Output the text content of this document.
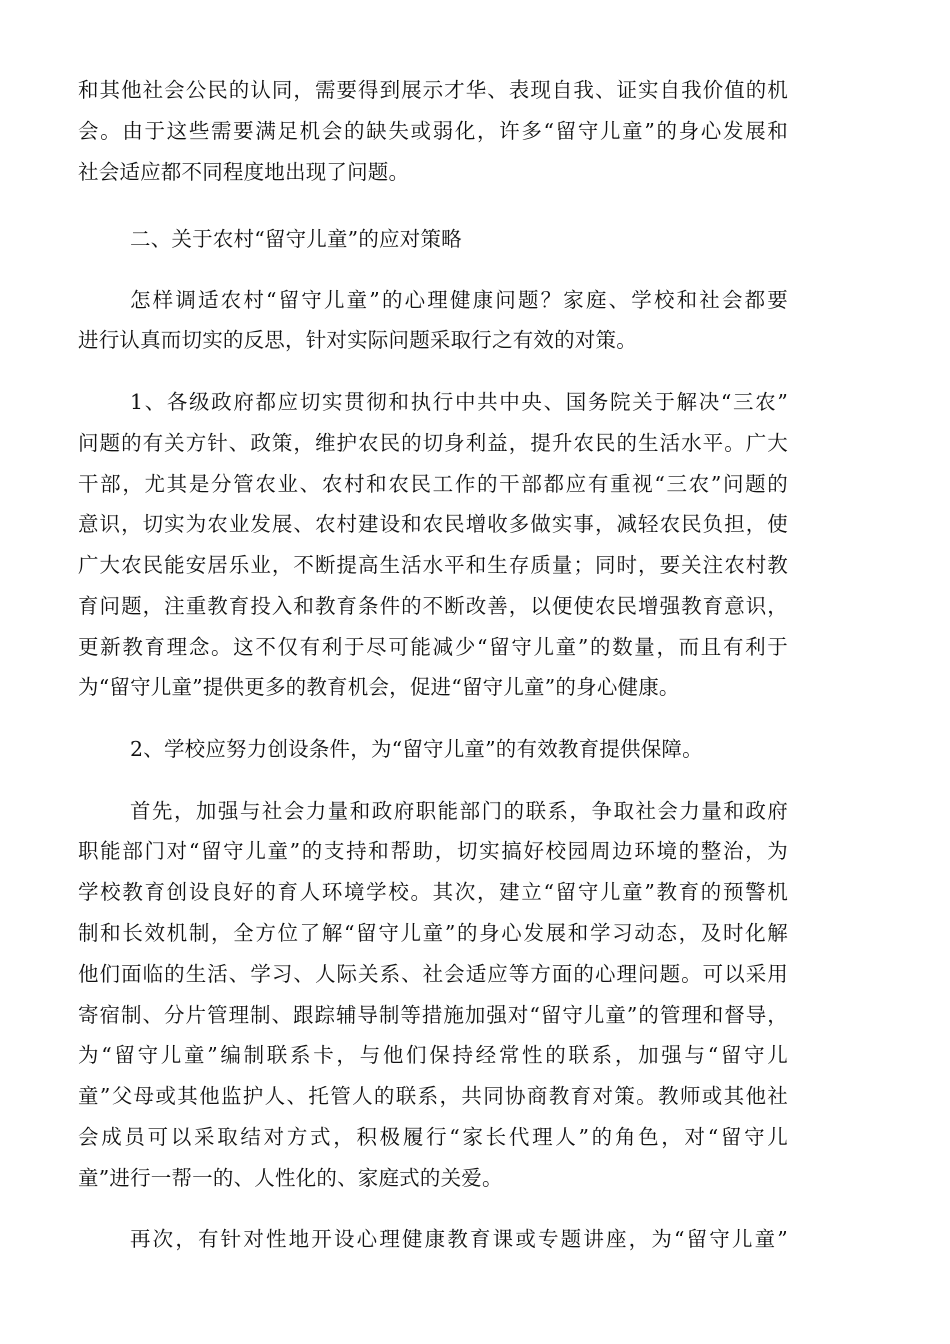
和其他社会公民的认同，需要得到展示才华、表现自我、证实自我价值的机
会。由于这些需要满足机会的缺失或弱化，许多“留守儿童”的身心发展和
社会适应都不同程度地出现了问题。
二、关于农村“留守儿童”的应对策略
怎样调适农村“留守儿童”的心理健康问题？家庭、学校和社会都要
进行认真而切实的反思，针对实际问题采取行之有效的对策。
1、各级政府都应切实贯彻和执行中共中央、国务院关于解决“三农”
问题的有关方针、政策，维护农民的切身利益，提升农民的生活水平。广大
干部，尤其是分管农业、农村和农民工作的干部都应有重视“三农”问题的
意识，切实为农业发展、农村建设和农民增收多做实事，减轻农民负担，使
广大农民能安居乐业，不断提高生活水平和生存质量；同时，要关注农村教
育问题，注重教育投入和教育条件的不断改善，以便使农民增强教育意识，
更新教育理念。这不仅有利于尽可能减少“留守儿童”的数量，而且有利于
为“留守儿童”提供更多的教育机会，促进“留守儿童”的身心健康。
2、学校应努力创设条件，为“留守儿童”的有效教育提供保障。
首先，加强与社会力量和政府职能部门的联系，争取社会力量和政府
职能部门对“留守儿童”的支持和帮助，切实搞好校园周边环境的整治，为
学校教育创设良好的育人环境学校。其次，建立“留守儿童”教育的预警机
制和长效机制，全方位了解“留守儿童”的身心发展和学习动态，及时化解
他们面临的生活、学习、人际关系、社会适应等方面的心理问题。可以采用
寄宿制、分片管理制、跟踪辅导制等措施加强对“留守儿童”的管理和督导，
为“留守儿童”编制联系卡，与他们保持经常性的联系，加强与“留守儿
童”父母或其他监护人、托管人的联系，共同协商教育对策。教师或其他社
会成员可以采取结对方式，积极履行“家长代理人”的角色，对“留守儿
童”进行一帮一的、人性化的、家庭式的关爱。
再次，有针对性地开设心理健康教育课或专题讲座，为“留守儿童”
